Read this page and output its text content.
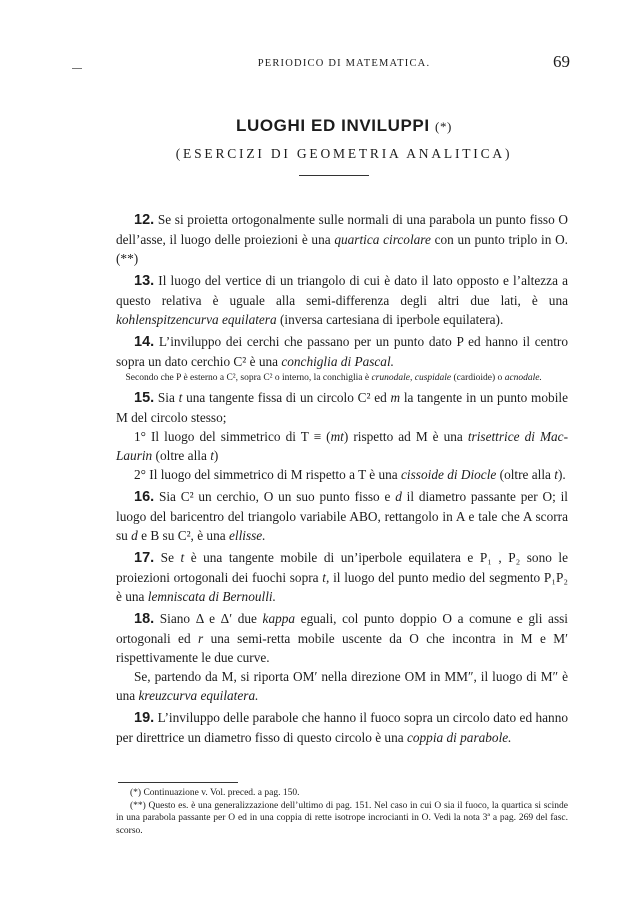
PERIODICO DI MATEMATICA.	69
LUOGHI ED INVILUPPI (*)
(ESERCIZI DI GEOMETRIA ANALITICA)

12. Se si proietta ortogonalmente sulle normali di una parabola un punto fisso O dell’asse, il luogo delle proiezioni è una quartica circolare con un punto triplo in O. (**)

13. Il luogo del vertice di un triangolo di cui è dato il lato opposto e l’altezza a questo relativa è uguale alla semi-differenza degli altri due lati, è una kohlenspitzencurva equilatera (inversa cartesiana di iperbole equilatera).

14. L’inviluppo dei cerchi che passano per un punto dato P ed hanno il centro sopra un dato cerchio C² è una conchiglia di Pascal.

Secondo che P è esterno a C², sopra C² o interno, la conchiglia è crunodale, cuspidale (cardioide) o acnodale.

15. Sia t una tangente fissa di un circolo C² ed m la tangente in un punto mobile M del circolo stesso;

1° Il luogo del simmetrico di T ≡ (mt) rispetto ad M è una trisettrice di Mac-Laurin (oltre alla t)

2° Il luogo del simmetrico di M rispetto a T è una cissoide di Diocle (oltre alla t).

16. Sia C² un cerchio, O un suo punto fisso e d il diametro passante per O; il luogo del baricentro del triangolo variabile ABO, rettangolo in A e tale che A scorra su d e B su C², è una ellisse.

17. Se t è una tangente mobile di un’iperbole equilatera e P₁ , P₂ sono le proiezioni ortogonali dei fuochi sopra t, il luogo del punto medio del segmento P₁P₂ è una lemniscata di Bernoulli.

18. Siano Δ e Δ′ due kappa eguali, col punto doppio O a comune e gli assi ortogonali ed r una semi-retta mobile uscente da O che incontra in M e M′ rispettivamente le due curve.

Se, partendo da M, si riporta OM′ nella direzione OM in MM″, il luogo di M″ è una kreuzcurva equilatera.

19. L’inviluppo delle parabole che hanno il fuoco sopra un circolo dato ed hanno per direttrice un diametro fisso di questo circolo è una coppia di parabole.

(*) Continuazione v. Vol. preced. a pag. 150.

(**) Questo es. è una generalizzazione dell’ultimo di pag. 151. Nel caso in cui O sia il fuoco, la quartica si scinde in una parabola passante per O ed in una coppia di rette isotrope incrocianti in O. Vedi la nota 3ª a pag. 269 del fasc. scorso.
